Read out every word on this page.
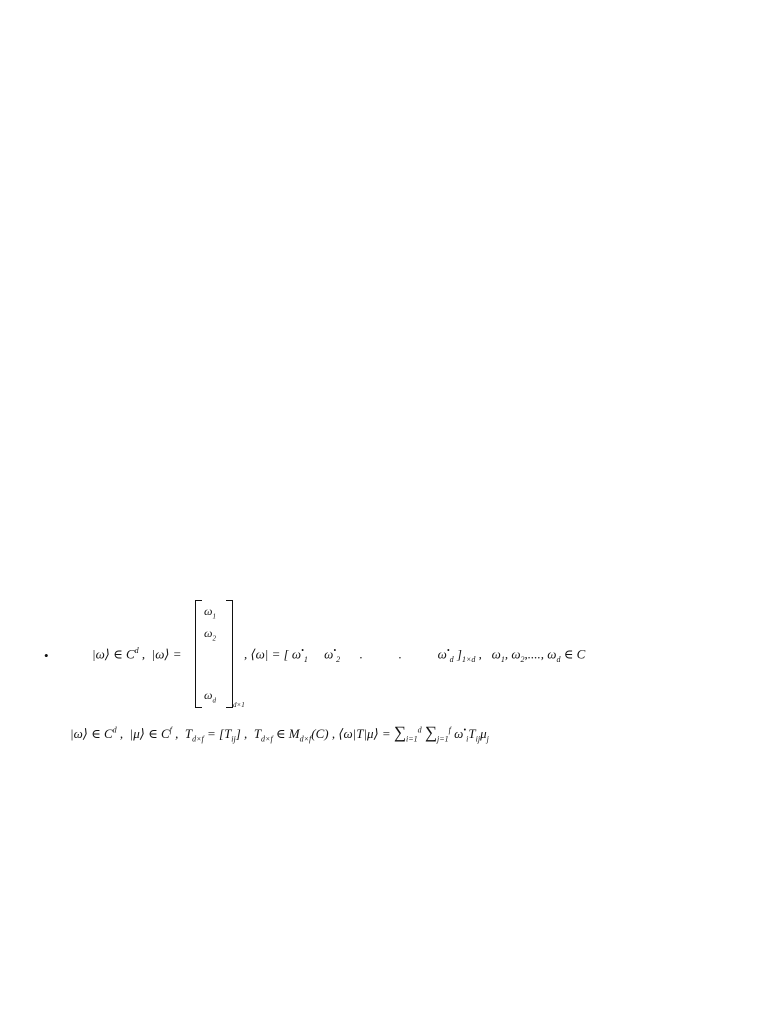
•	|ω⟩ ∈ $C^d$ ,  |ω⟩ =
$\omega_1$
$\omega_2$
$\omega_d$
d×1
, ⟨ω| = [ $\omega^•_1$ $\omega^•_2$      .           .           $\omega^•_d$ ]$_{1\times d}$ ,   $\omega_1$, $\omega_2$,...., $\omega_d$ ∈ C
|ω⟩ ∈ $C^d$ ,  |μ⟩ ∈ $C^f$ ,  $T_{d\times f} = [T_{ij}]$ ,  $T_{d\times f}$ ∈ $M_{d\times f}(C)$ , ⟨ω|T|μ⟩ = $\sum_{i=1}^d$ $\sum_{j=1}^f$ $\omega^•_iT_{ij}\mu_j$
